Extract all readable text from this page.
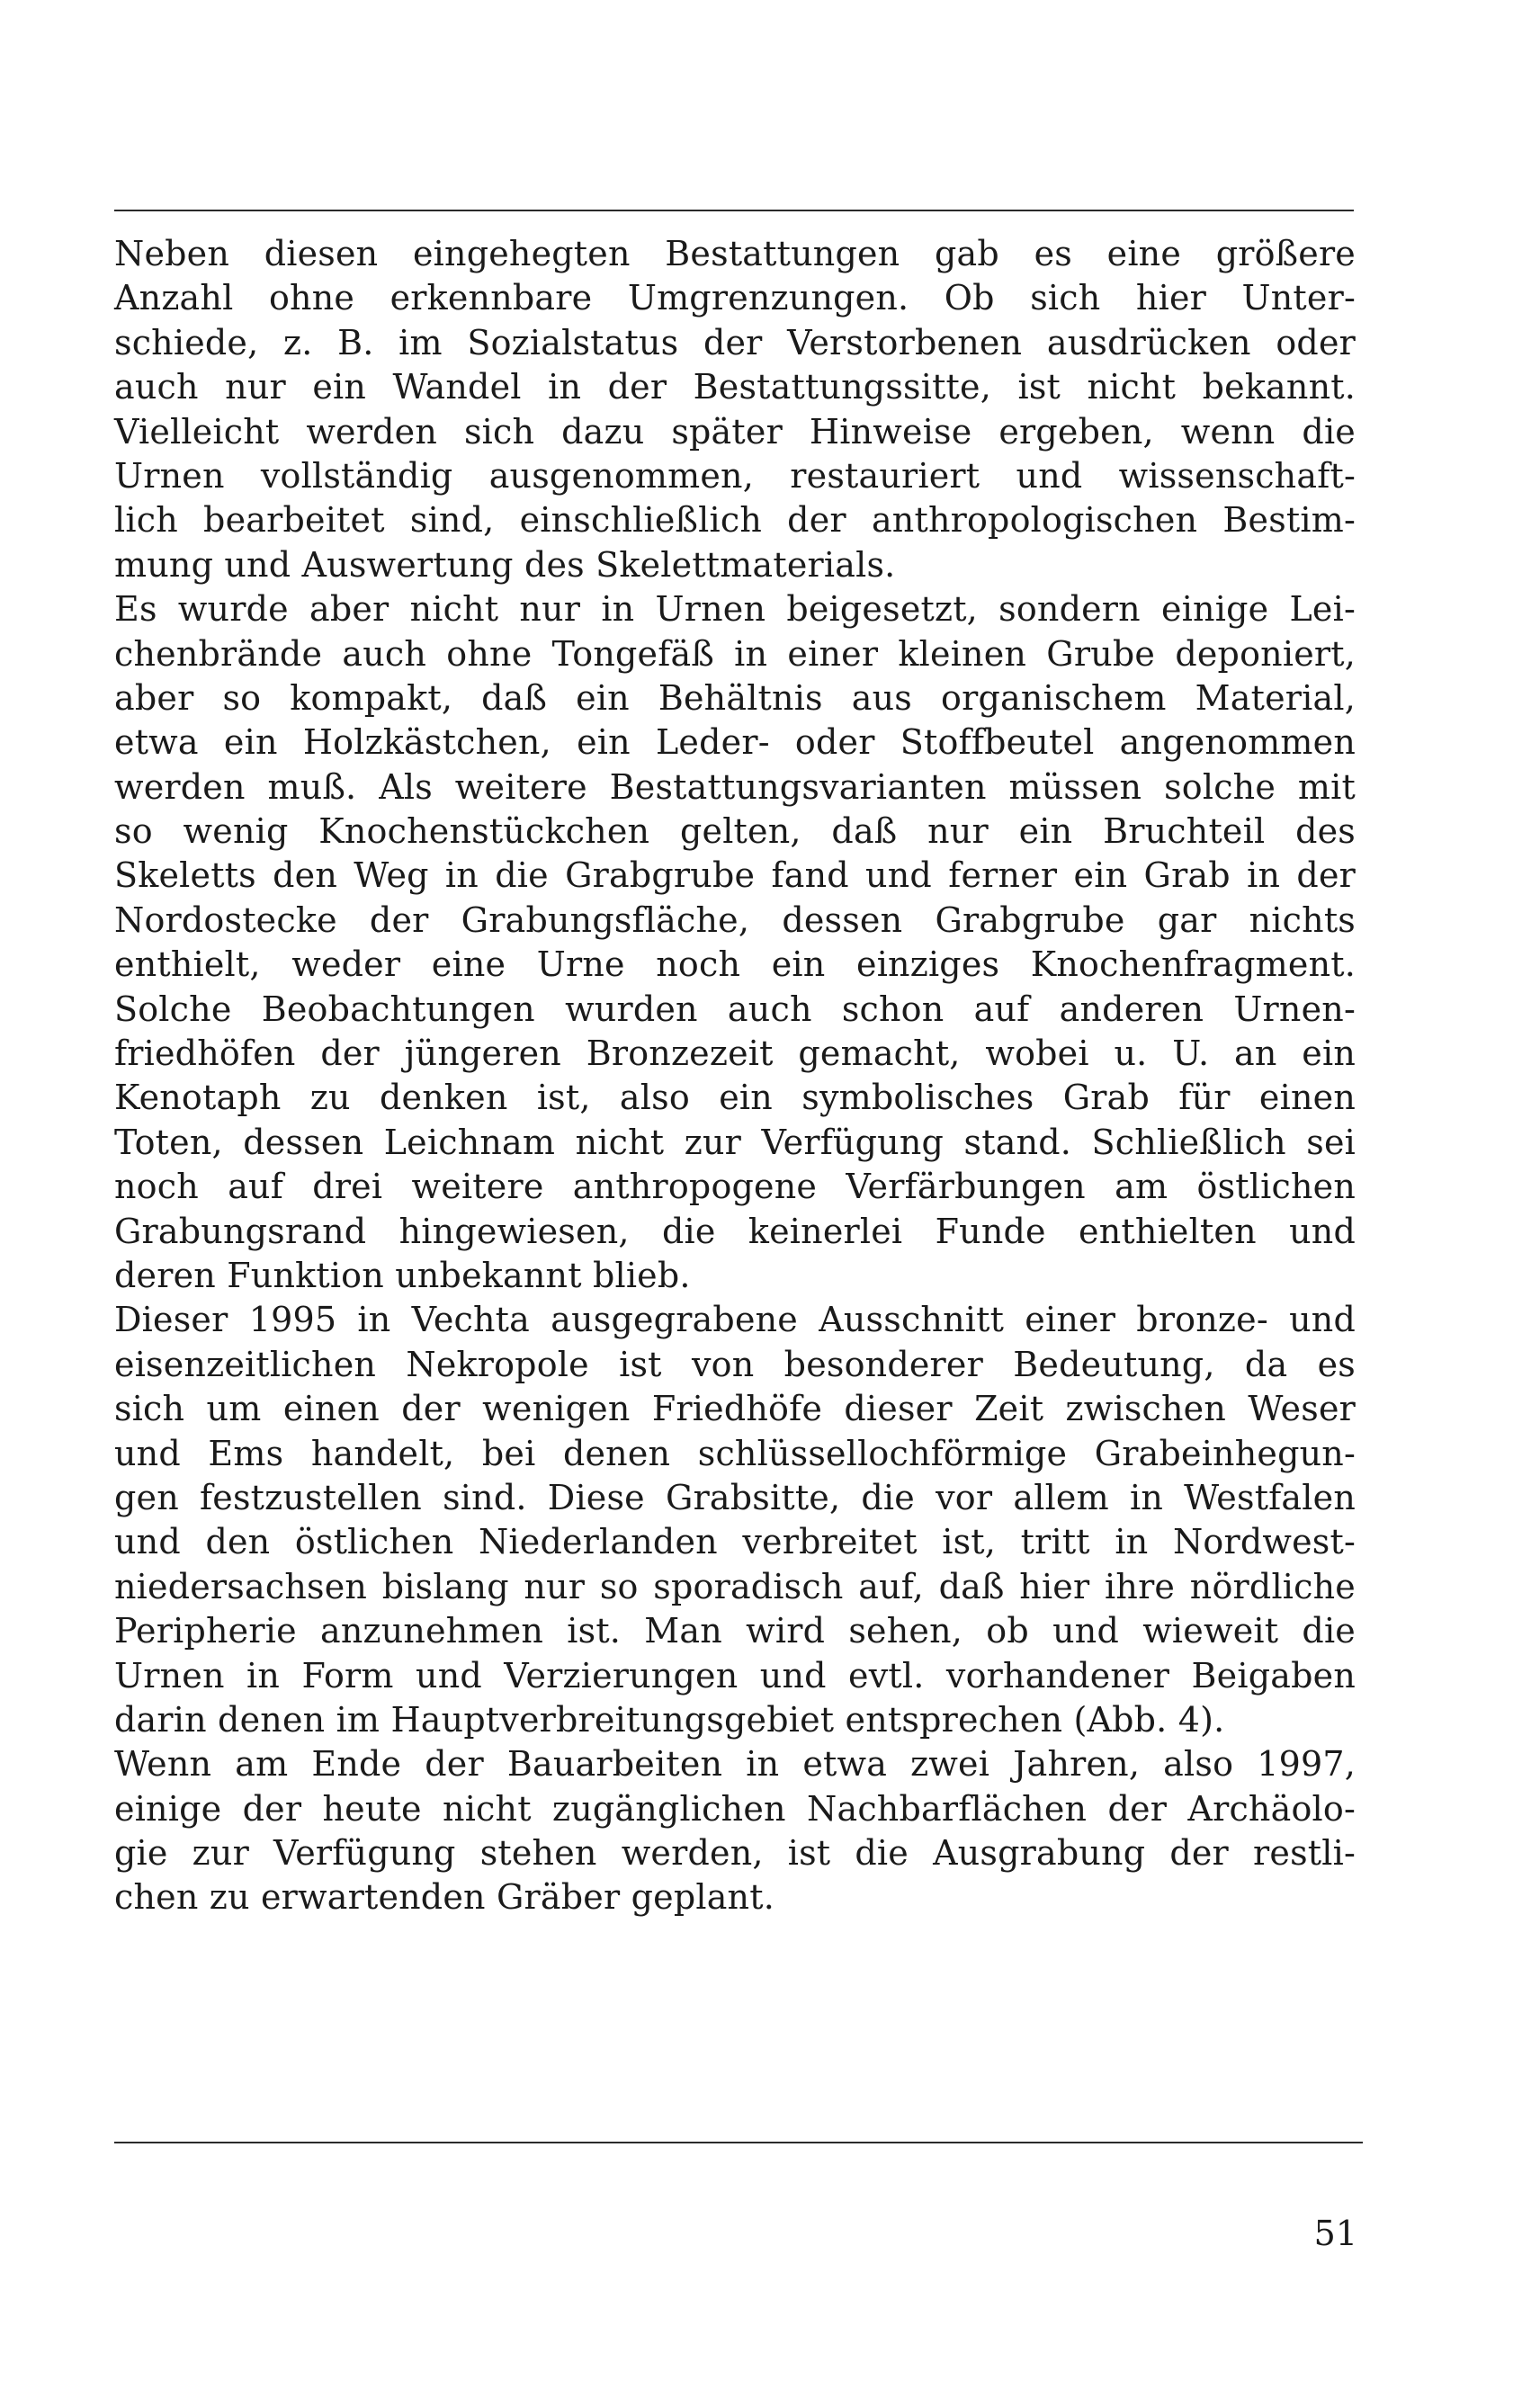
Neben diesen eingehegten Bestattungen gab es eine größere
Anzahl ohne erkennbare Umgrenzungen. Ob sich hier Unter-
schiede, z. B. im Sozialstatus der Verstorbenen ausdrücken oder
auch nur ein Wandel in der Bestattungssitte, ist nicht bekannt.
Vielleicht werden sich dazu später Hinweise ergeben, wenn die
Urnen vollständig ausgenommen, restauriert und wissenschaft-
lich bearbeitet sind, einschließlich der anthropologischen Bestim-
mung und Auswertung des Skelettmaterials.
Es wurde aber nicht nur in Urnen beigesetzt, sondern einige Lei-
chenbrände auch ohne Tongefäß in einer kleinen Grube deponiert,
aber so kompakt, daß ein Behältnis aus organischem Material,
etwa ein Holzkästchen, ein Leder- oder Stoffbeutel angenommen
werden muß. Als weitere Bestattungsvarianten müssen solche mit
so wenig Knochenstückchen gelten, daß nur ein Bruchteil des
Skeletts den Weg in die Grabgrube fand und ferner ein Grab in der
Nordostecke der Grabungsfläche, dessen Grabgrube gar nichts
enthielt, weder eine Urne noch ein einziges Knochenfragment.
Solche Beobachtungen wurden auch schon auf anderen Urnen-
friedhöfen der jüngeren Bronzezeit gemacht, wobei u. U. an ein
Kenotaph zu denken ist, also ein symbolisches Grab für einen
Toten, dessen Leichnam nicht zur Verfügung stand. Schließlich sei
noch auf drei weitere anthropogene Verfärbungen am östlichen
Grabungsrand hingewiesen, die keinerlei Funde enthielten und
deren Funktion unbekannt blieb.
Dieser 1995 in Vechta ausgegrabene Ausschnitt einer bronze- und
eisenzeitlichen Nekropole ist von besonderer Bedeutung, da es
sich um einen der wenigen Friedhöfe dieser Zeit zwischen Weser
und Ems handelt, bei denen schlüssellochförmige Grabeinhegun-
gen festzustellen sind. Diese Grabsitte, die vor allem in Westfalen
und den östlichen Niederlanden verbreitet ist, tritt in Nordwest-
niedersachsen bislang nur so sporadisch auf, daß hier ihre nördliche
Peripherie anzunehmen ist. Man wird sehen, ob und wieweit die
Urnen in Form und Verzierungen und evtl. vorhandener Beigaben
darin denen im Hauptverbreitungsgebiet entsprechen (Abb. 4).
Wenn am Ende der Bauarbeiten in etwa zwei Jahren, also 1997,
einige der heute nicht zugänglichen Nachbarflächen der Archäolo-
gie zur Verfügung stehen werden, ist die Ausgrabung der restli-
chen zu erwartenden Gräber geplant.
51
